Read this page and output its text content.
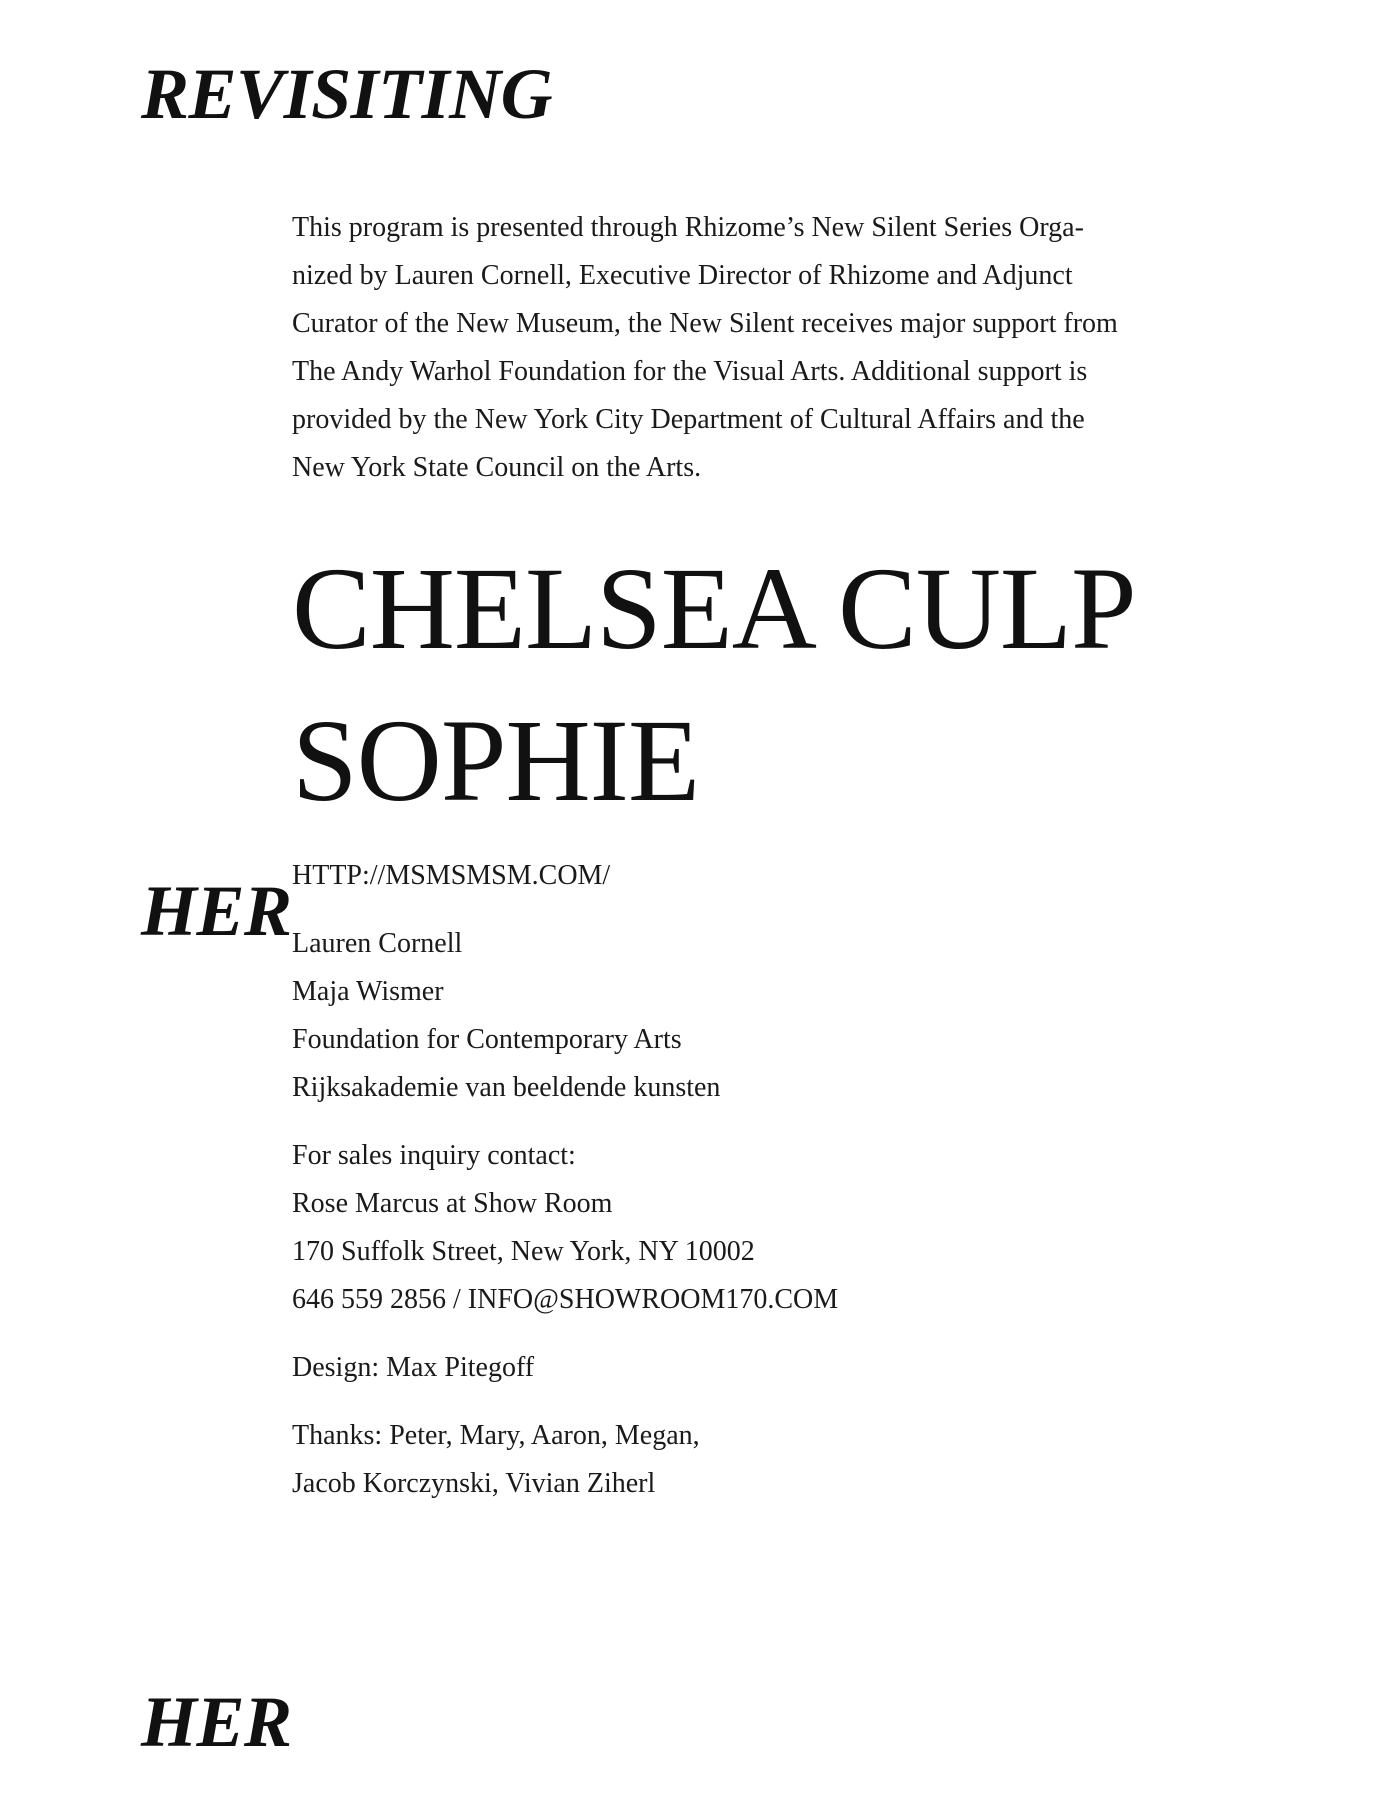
REVISITING
HER
HER

This program is presented through Rhizome’s New Silent Series Orga-
nized by Lauren Cornell, Executive Director of Rhizome and Adjunct
Curator of the New Museum, the New Silent receives major support from
The Andy Warhol Foundation for the Visual Arts. Additional support is
provided by the New York City Department of Cultural Affairs and the
New York State Council on the Arts.

CHELSEA CULP
SOPHIE
HTTP://MSMSMSM.COM/
Lauren Cornell
Maja Wismer
Foundation for Contemporary Arts
Rijksakademie van beeldende kunsten
For sales inquiry contact:
Rose Marcus at Show Room
170 Suffolk Street, New York, NY 10002
646 559 2856 / INFO@SHOWROOM170.COM
Design: Max Pitegoff
Thanks: Peter, Mary, Aaron, Megan,
Jacob Korczynski, Vivian Ziherl
